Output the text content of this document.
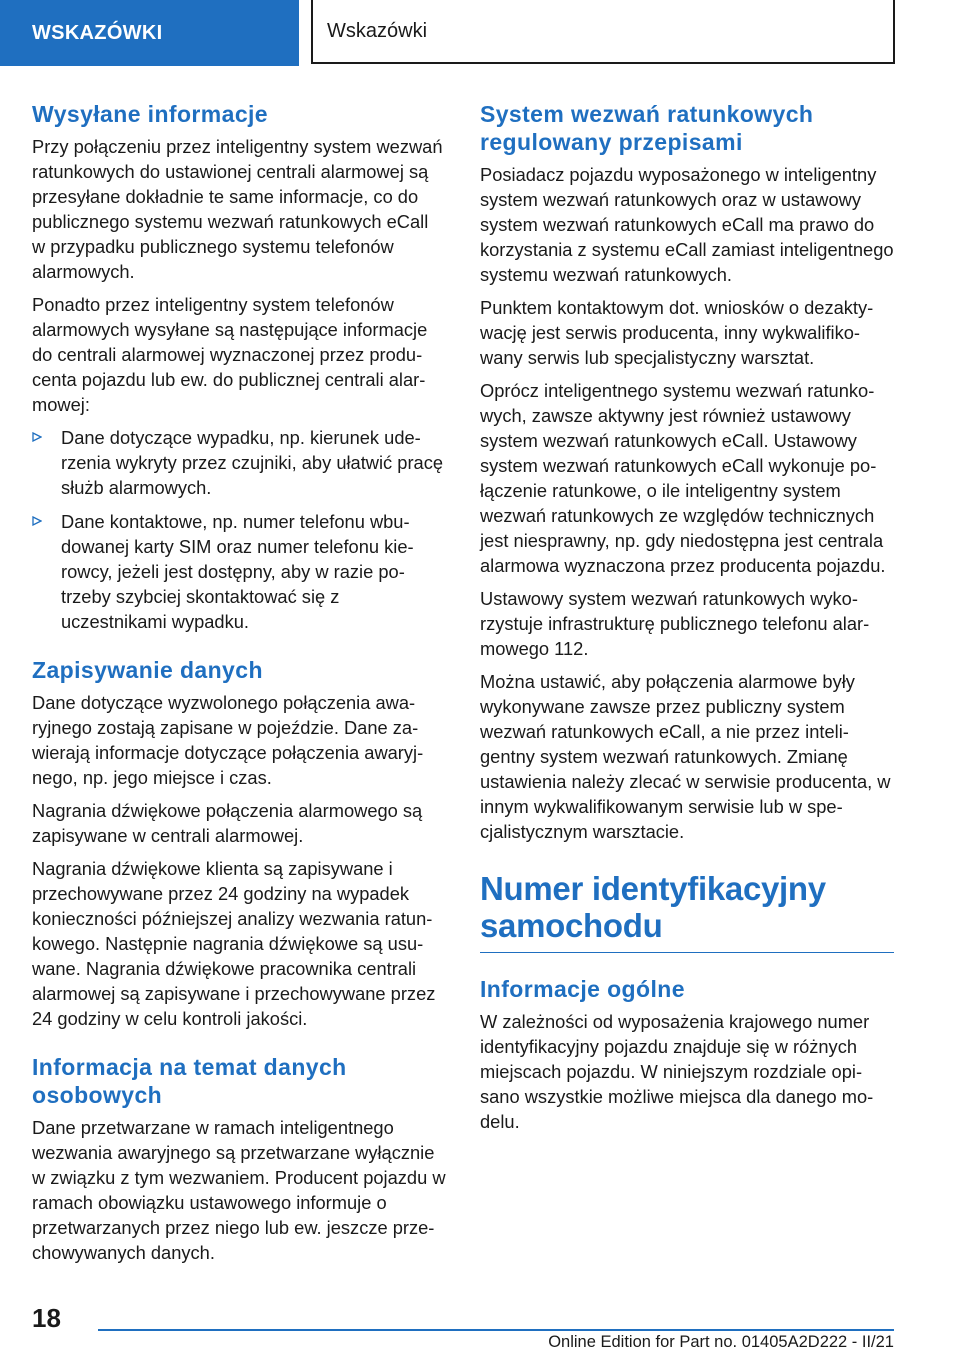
WSKAZÓWKI	Wskazówki
Wysyłane informacje

Przy połączeniu przez inteligentny system wezwań ratunkowych do ustawionej centrali alarmowej są przesyłane dokładnie te same informacje, co do publicznego systemu wezwań ratunkowych eCall w przypadku publicznego systemu telefonów alarmowych.

Ponadto przez inteligentny system telefonów alarmowych wysyłane są następujące informacje do centrali alarmowej wyznaczonej przez producenta pojazdu lub ew. do publicznej centrali alarmowej:

Dane dotyczące wypadku, np. kierunek uderzenia wykryty przez czujniki, aby ułatwić pracę służb alarmowych.
Dane kontaktowe, np. numer telefonu wbudowanej karty SIM oraz numer telefonu kierowcy, jeżeli jest dostępny, aby w razie potrzeby szybciej skontaktować się z uczestnikami wypadku.
Zapisywanie danych

Dane dotyczące wyzwolonego połączenia awaryjnego zostają zapisane w pojeździe. Dane zawierają informacje dotyczące połączenia awaryjnego, np. jego miejsce i czas.

Nagrania dźwiękowe połączenia alarmowego są zapisywane w centrali alarmowej.

Nagrania dźwiękowe klienta są zapisywane i przechowywane przez 24 godziny na wypadek konieczności późniejszej analizy wezwania ratunkowego. Następnie nagrania dźwiękowe są usuwane. Nagrania dźwiękowe pracownika centrali alarmowej są zapisywane i przechowywane przez 24 godziny w celu kontroli jakości.

Informacja na temat danych osobowych

Dane przetwarzane w ramach inteligentnego wezwania awaryjnego są przetwarzane wyłącznie w związku z tym wezwaniem. Producent pojazdu w ramach obowiązku ustawowego informuje o przetwarzanych przez niego lub ew. jeszcze przechowywanych danych.

System wezwań ratunkowych regulowany przepisami

Posiadacz pojazdu wyposażonego w inteligentny system wezwań ratunkowych oraz w ustawowy system wezwań ratunkowych eCall ma prawo do korzystania z systemu eCall zamiast inteligentnego systemu wezwań ratunkowych.

Punktem kontaktowym dot. wniosków o dezaktywację jest serwis producenta, inny wykwalifikowany serwis lub specjalistyczny warsztat.

Oprócz inteligentnego systemu wezwań ratunkowych, zawsze aktywny jest również ustawowy system wezwań ratunkowych eCall. Ustawowy system wezwań ratunkowych eCall wykonuje połączenie ratunkowe, o ile inteligentny system wezwań ratunkowych ze względów technicznych jest niesprawny, np. gdy niedostępna jest centrala alarmowa wyznaczona przez producenta pojazdu.

Ustawowy system wezwań ratunkowych wykorzystuje infrastrukturę publicznego telefonu alarmowego 112.

Można ustawić, aby połączenia alarmowe były wykonywane zawsze przez publiczny system wezwań ratunkowych eCall, a nie przez inteligentny system wezwań ratunkowych. Zmianę ustawienia należy zlecać w serwisie producenta, w innym wykwalifikowanym serwisie lub w specjalistycznym warsztacie.

Numer identyfikacyjny samochodu
Informacje ogólne

W zależności od wyposażenia krajowego numer identyfikacyjny pojazdu znajduje się w różnych miejscach pojazdu. W niniejszym rozdziale opisano wszystkie możliwe miejsca dla danego modelu.

18
Online Edition for Part no. 01405A2D222 - II/21
